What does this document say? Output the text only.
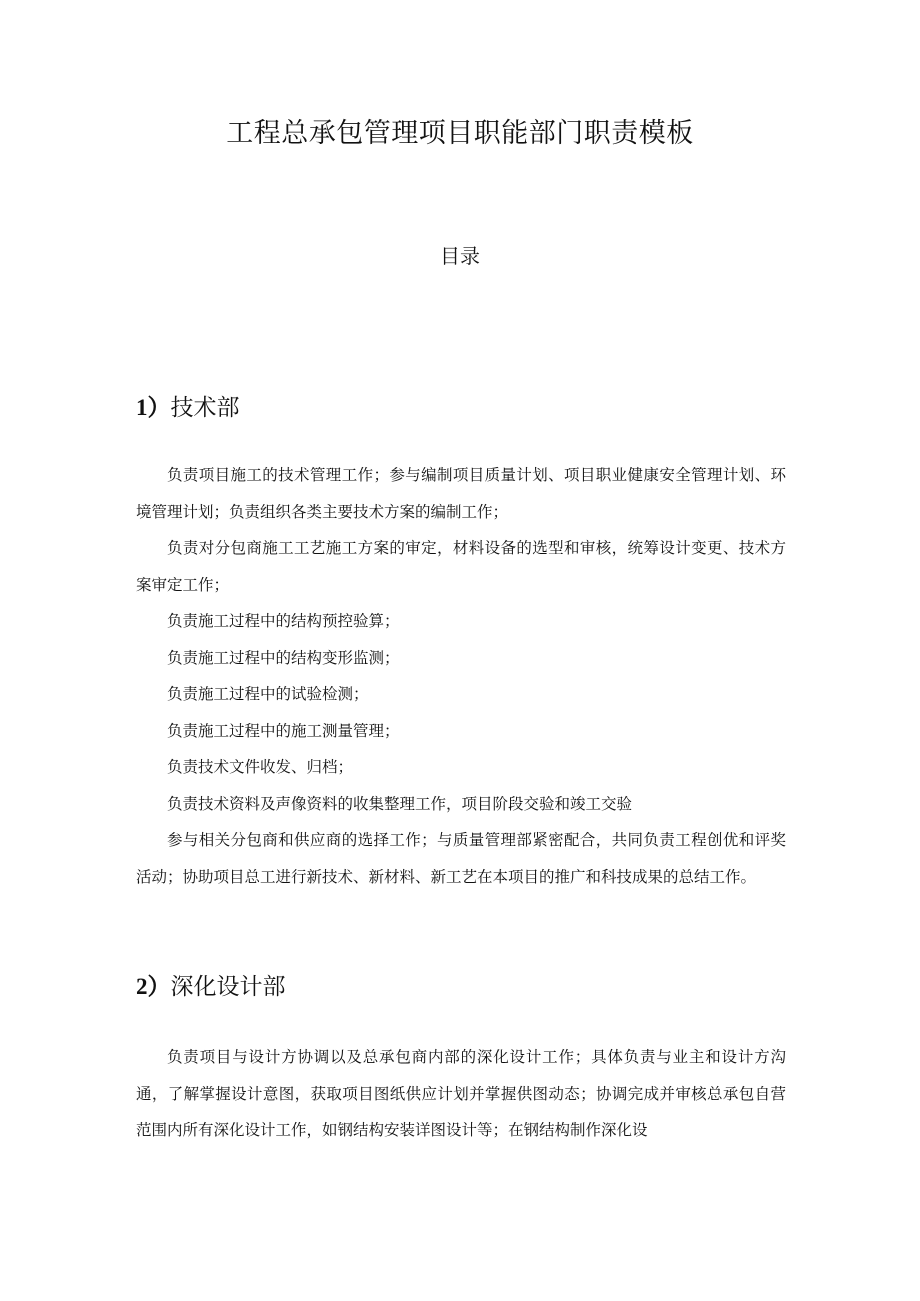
工程总承包管理项目职能部门职责模板
目录
1）技术部

负责项目施工的技术管理工作；参与编制项目质量计划、项目职业健康安全管理计划、环境管理计划；负责组织各类主要技术方案的编制工作；

负责对分包商施工工艺施工方案的审定，材料设备的选型和审核，统筹设计变更、技术方案审定工作；

负责施工过程中的结构预控验算；

负责施工过程中的结构变形监测；

负责施工过程中的试验检测；

负责施工过程中的施工测量管理；

负责技术文件收发、归档；

负责技术资料及声像资料的收集整理工作，项目阶段交验和竣工交验

参与相关分包商和供应商的选择工作；与质量管理部紧密配合，共同负责工程创优和评奖活动；协助项目总工进行新技术、新材料、新工艺在本项目的推广和科技成果的总结工作。

2）深化设计部

负责项目与设计方协调以及总承包商内部的深化设计工作；具体负责与业主和设计方沟通，了解掌握设计意图，获取项目图纸供应计划并掌握供图动态；协调完成并审核总承包自营范围内所有深化设计工作，如钢结构安装详图设计等；在钢结构制作深化设
